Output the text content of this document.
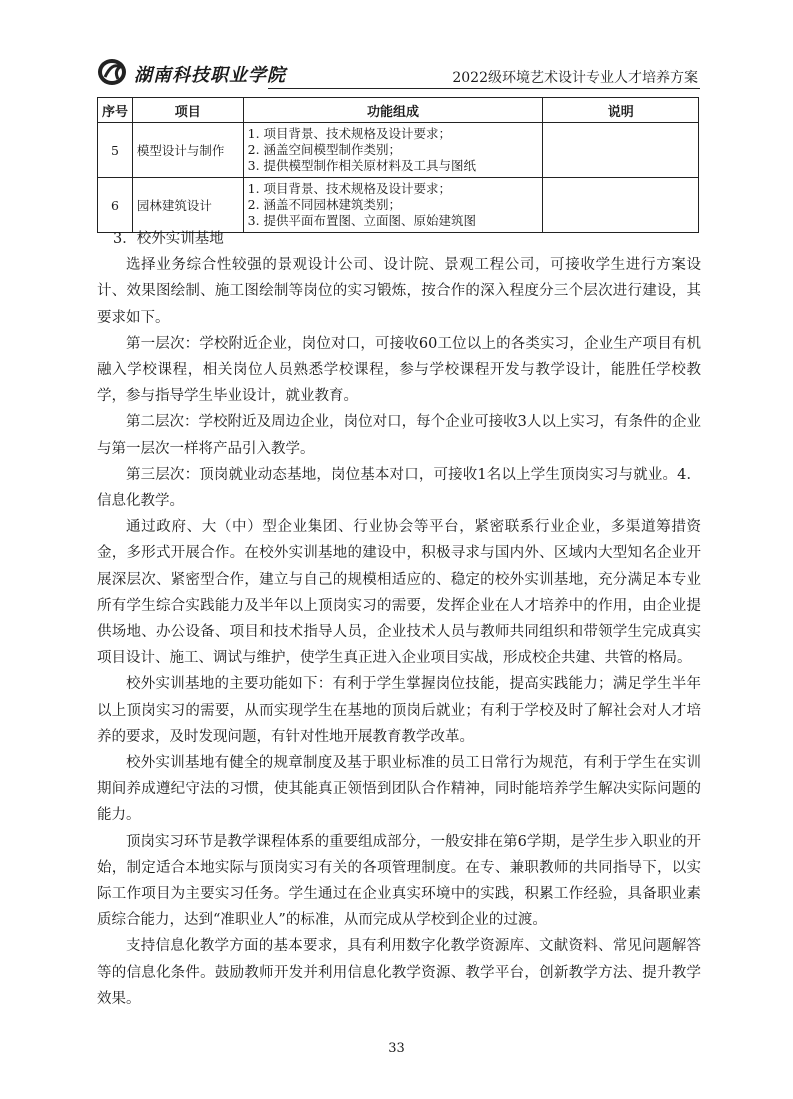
湖南科技职业学院	2022级环境艺术设计专业人才培养方案
序号	项目	功能组成	说明
5	模型设计与制作	1. 项目背景、技术规格及设计要求；
2. 涵盖空间模型制作类别；
3. 提供模型制作相关原材料及工具与图纸	

6	园林建筑设计	1. 项目背景、技术规格及设计要求；
2. 涵盖不同园林建筑类别；
3. 提供平面布置图、立面图、原始建筑图	

3．校外实训基地

选择业务综合性较强的景观设计公司、设计院、景观工程公司，可接收学生进行方案设计、效果图绘制、施工图绘制等岗位的实习锻炼，按合作的深入程度分三个层次进行建设，其要求如下。

第一层次：学校附近企业，岗位对口，可接收60工位以上的各类实习，企业生产项目有机融入学校课程，相关岗位人员熟悉学校课程，参与学校课程开发与教学设计，能胜任学校教学，参与指导学生毕业设计，就业教育。

第二层次：学校附近及周边企业，岗位对口，每个企业可接收3人以上实习，有条件的企业与第一层次一样将产品引入教学。

第三层次：顶岗就业动态基地，岗位基本对口，可接收1名以上学生顶岗实习与就业。4．信息化教学。

通过政府、大（中）型企业集团、行业协会等平台，紧密联系行业企业，多渠道筹措资金，多形式开展合作。在校外实训基地的建设中，积极寻求与国内外、区域内大型知名企业开展深层次、紧密型合作，建立与自己的规模相适应的、稳定的校外实训基地，充分满足本专业所有学生综合实践能力及半年以上顶岗实习的需要，发挥企业在人才培养中的作用，由企业提供场地、办公设备、项目和技术指导人员，企业技术人员与教师共同组织和带领学生完成真实项目设计、施工、调试与维护，使学生真正进入企业项目实战，形成校企共建、共管的格局。

校外实训基地的主要功能如下：有利于学生掌握岗位技能，提高实践能力；满足学生半年以上顶岗实习的需要，从而实现学生在基地的顶岗后就业；有利于学校及时了解社会对人才培养的要求，及时发现问题，有针对性地开展教育教学改革。

校外实训基地有健全的规章制度及基于职业标准的员工日常行为规范，有利于学生在实训期间养成遵纪守法的习惯，使其能真正领悟到团队合作精神，同时能培养学生解决实际问题的能力。

顶岗实习环节是教学课程体系的重要组成部分，一般安排在第6学期，是学生步入职业的开始，制定适合本地实际与顶岗实习有关的各项管理制度。在专、兼职教师的共同指导下，以实际工作项目为主要实习任务。学生通过在企业真实环境中的实践，积累工作经验，具备职业素质综合能力，达到“准职业人”的标准，从而完成从学校到企业的过渡。

支持信息化教学方面的基本要求，具有利用数字化教学资源库、文献资料、常见问题解答等的信息化条件。鼓励教师开发并利用信息化教学资源、教学平台，创新教学方法、提升教学效果。

33
